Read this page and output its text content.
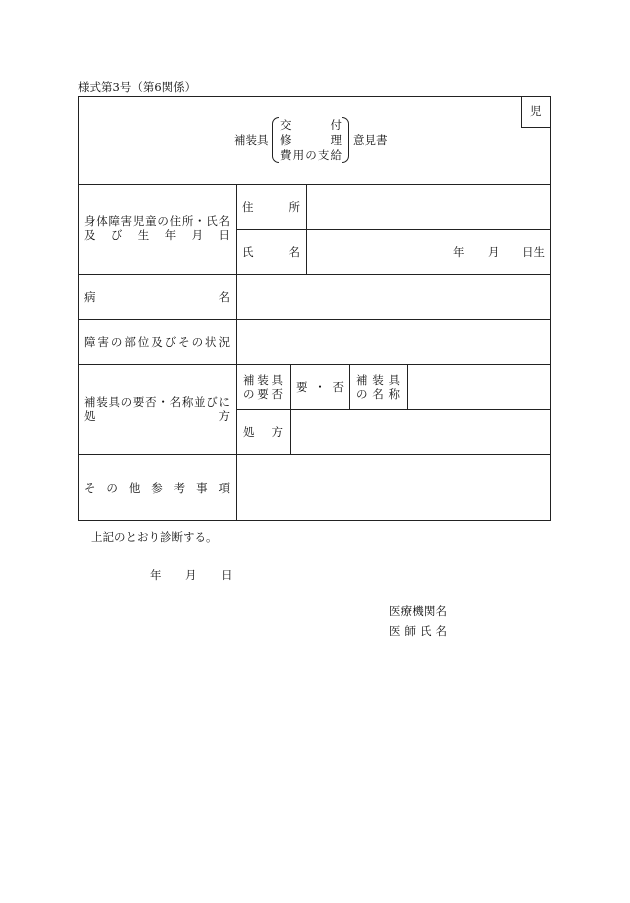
様式第3号（第6関係）
児
補装具
交　付
修　理
費用の支給
意見書
身体障害児童の住所・氏名
及び生年月日
住所
氏名	年 月 日生
病名
障害の部位及びその状況
補装具の要否・名称並びに
処方
補装具
の要否 要・否 補装具
の名称
処方
その他参考事項
上記のとおり診断する。
年 月 日
医療機関名
医師氏名
